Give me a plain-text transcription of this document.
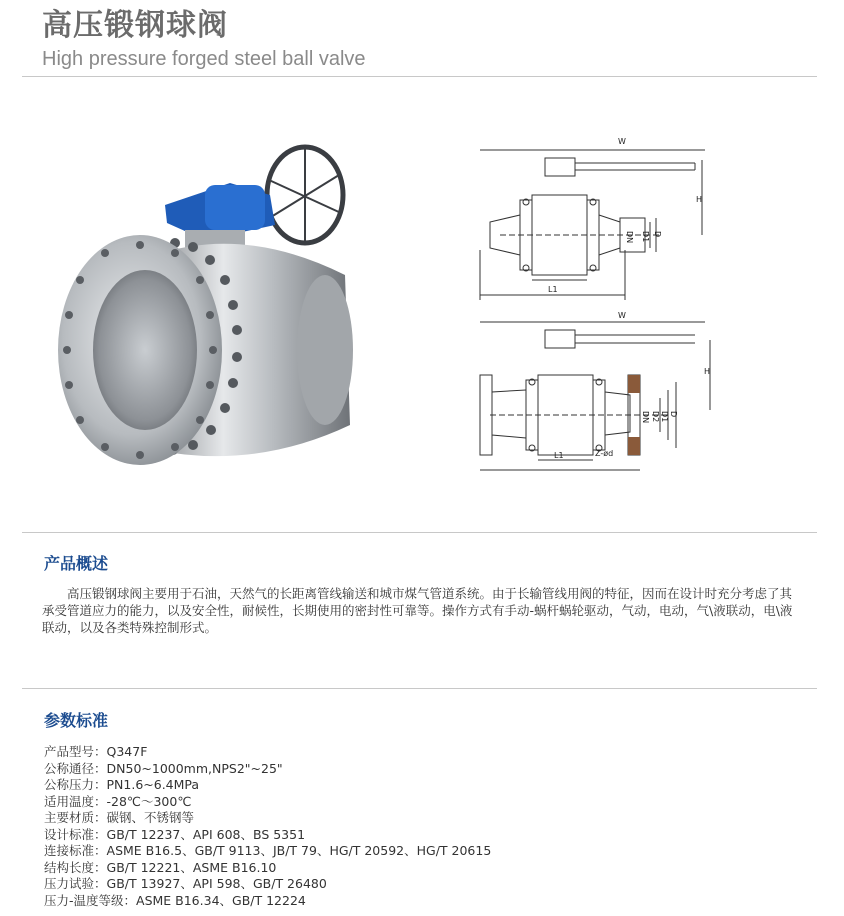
高压锻钢球阀
High pressure forged steel ball valve
W
H
L1
DN D1 D
W
H
L1
DN D2 D1 D
Z-ød
产品概述

高压锻钢球阀主要用于石油，天然气的长距离管线输送和城市煤气管道系统。由于长输管线用阀的特征，因而在设计时充分考虑了其承受管道应力的能力，以及安全性，耐候性，长期使用的密封性可靠等。操作方式有手动-蜗杆蜗轮驱动，气动，电动，气\液联动，电\液联动，以及各类特殊控制形式。

参数标准
产品型号：Q347F
公称通径：DN50~1000mm,NPS2"~25"
公称压力：PN1.6~6.4MPa
适用温度：-28℃～300℃
主要材质：碳钢、不锈钢等
设计标准：GB/T 12237、API 608、BS 5351
连接标准：ASME B16.5、GB/T 9113、JB/T 79、HG/T 20592、HG/T 20615
结构长度：GB/T 12221、ASME B16.10
压力试验：GB/T 13927、API 598、GB/T 26480
压力-温度等级：ASME B16.34、GB/T 12224
